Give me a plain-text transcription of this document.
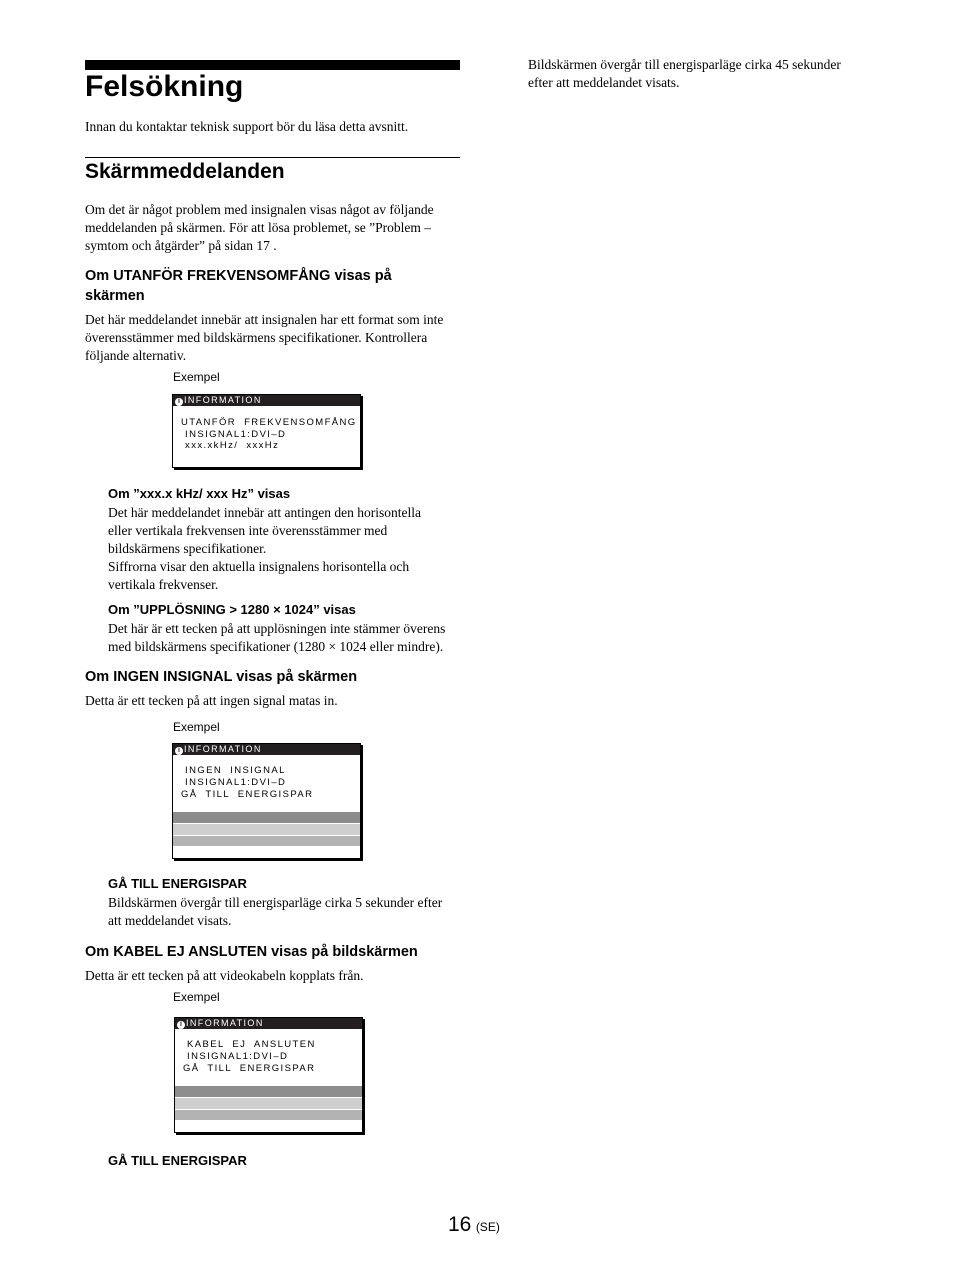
Felsökning
Innan du kontaktar teknisk support bör du läsa detta avsnitt.
Skärmmeddelanden
Om det är något problem med insignalen visas något av följande
meddelanden på skärmen. För att lösa problemet, se ”Problem –
symtom och åtgärder” på sidan 17 .
Om UTANFÖR FREKVENSOMFÅNG visas på
skärmen
Det här meddelandet innebär att insignalen har ett format som inte
överensstämmer med bildskärmens specifikationer. Kontrollera
följande alternativ.
Exempel
i INFORMATION
UTANFÖR  FREKVENSOMFÅNG
INSIGNAL1:DVI–D
xxx.xkHz/  xxxHz
Om ”xxx.x kHz/ xxx Hz” visas
Det här meddelandet innebär att antingen den horisontella
eller vertikala frekvensen inte överensstämmer med
bildskärmens specifikationer.
Siffrorna visar den aktuella insignalens horisontella och
vertikala frekvenser.
Om ”UPPLÖSNING > 1280 × 1024” visas
Det här är ett tecken på att upplösningen inte stämmer överens
med bildskärmens specifikationer (1280 × 1024 eller mindre).
Om INGEN INSIGNAL visas på skärmen
Detta är ett tecken på att ingen signal matas in.
Exempel
i INFORMATION
INGEN  INSIGNAL
INSIGNAL1:DVI–D
GÅ  TILL  ENERGISPAR
GÅ TILL ENERGISPAR
Bildskärmen övergår till energisparläge cirka 5 sekunder efter
att meddelandet visats.
Om KABEL EJ ANSLUTEN visas på bildskärmen
Detta är ett tecken på att videokabeln kopplats från.
Exempel
i INFORMATION
KABEL  EJ  ANSLUTEN
INSIGNAL1:DVI–D
GÅ  TILL  ENERGISPAR
GÅ TILL ENERGISPAR
Bildskärmen övergår till energisparläge cirka 45 sekunder
efter att meddelandet visats.
16 (SE)
